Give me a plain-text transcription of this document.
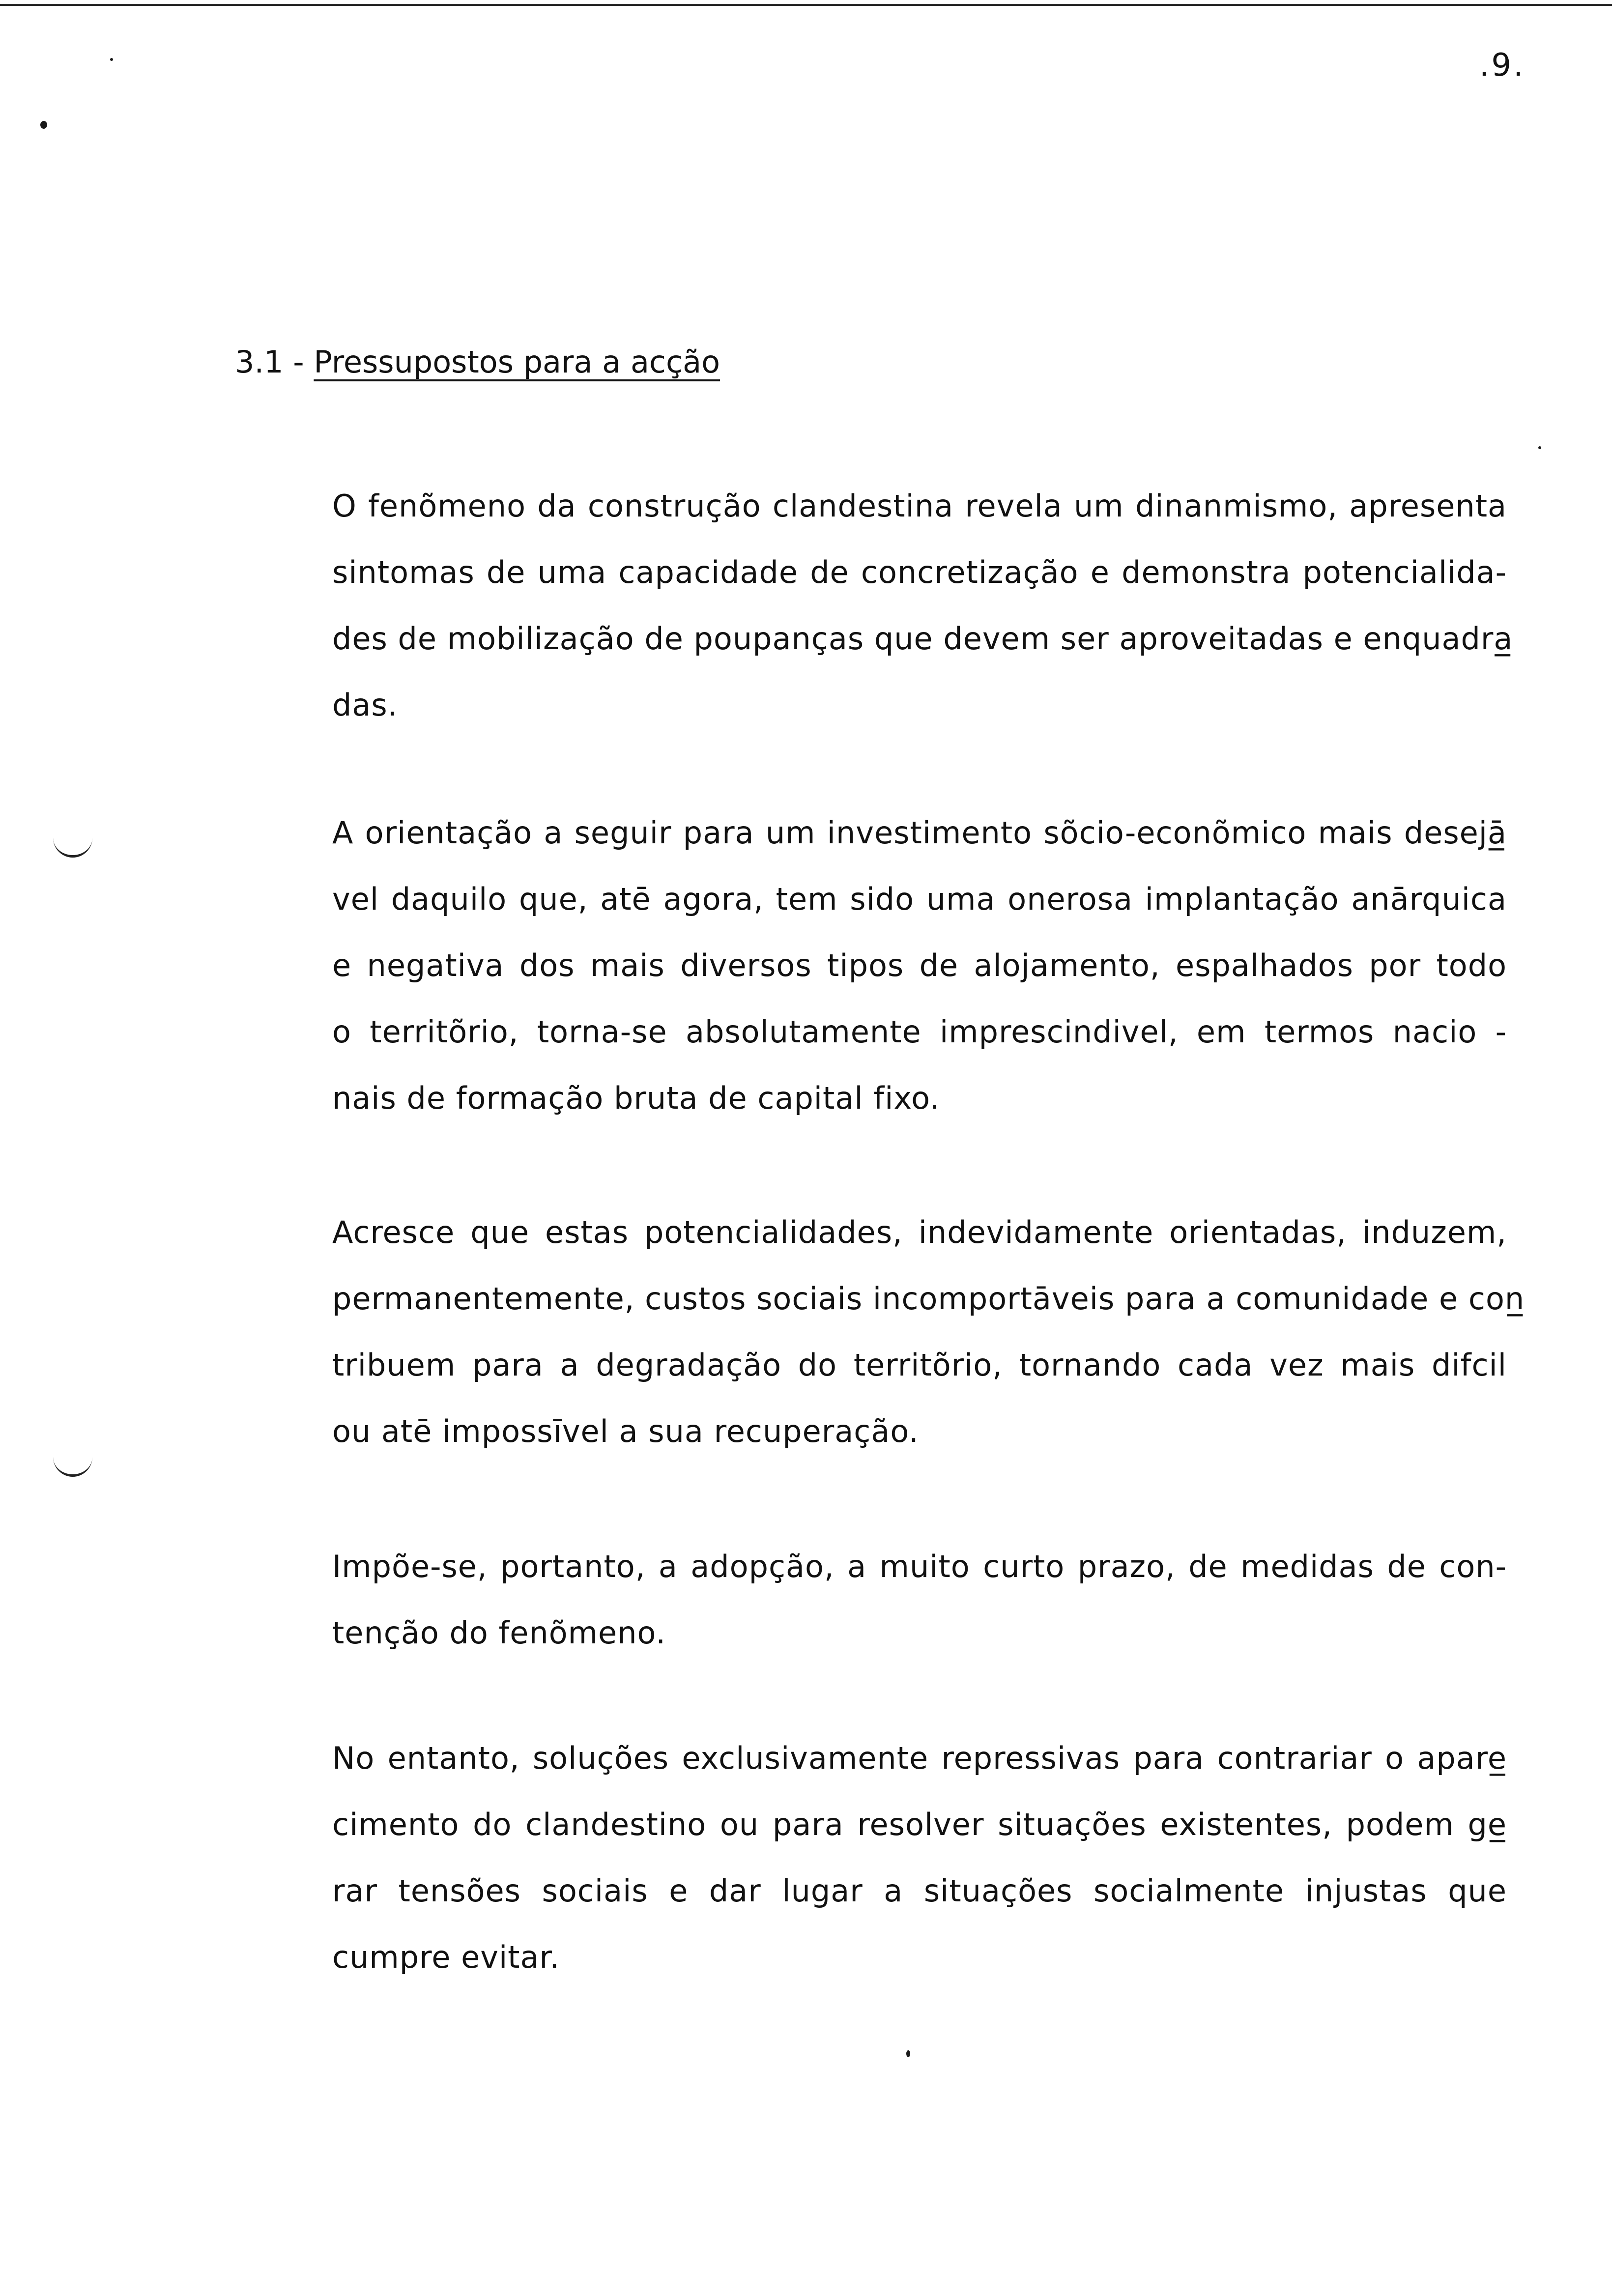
.9.
3.1 - Pressupostos para a acção
O fenõmeno da construção clandestina revela um dinanmismo, apresenta
sintomas de uma capacidade de concretização e demonstra potencialida-
des de mobilização de poupanças que devem ser aproveitadas e enquadra̲
das.
A orientação a seguir para um investimento sõcio-econõmico mais desejā̲
vel daquilo que, atē agora, tem sido uma onerosa implantação anārquica
e negativa dos mais diversos tipos de alojamento, espalhados por todo
o territõrio, torna-se absolutamente imprescindivel, em termos nacio -
nais de formação bruta de capital fixo.
Acresce que estas potencialidades, indevidamente orientadas, induzem,
permanentemente, custos sociais incomportāveis para a comunidade e con̲
tribuem para a degradação do territõrio, tornando cada vez mais difcil
ou atē impossīvel a sua recuperação.
Impõe-se, portanto, a adopção, a muito curto prazo, de medidas de con-
tenção do fenõmeno.
No entanto, soluções exclusivamente repressivas para contrariar o apare̲
cimento do clandestino ou para resolver situações existentes, podem ge̲
rar tensões sociais e dar lugar a situações socialmente injustas que
cumpre evitar.
